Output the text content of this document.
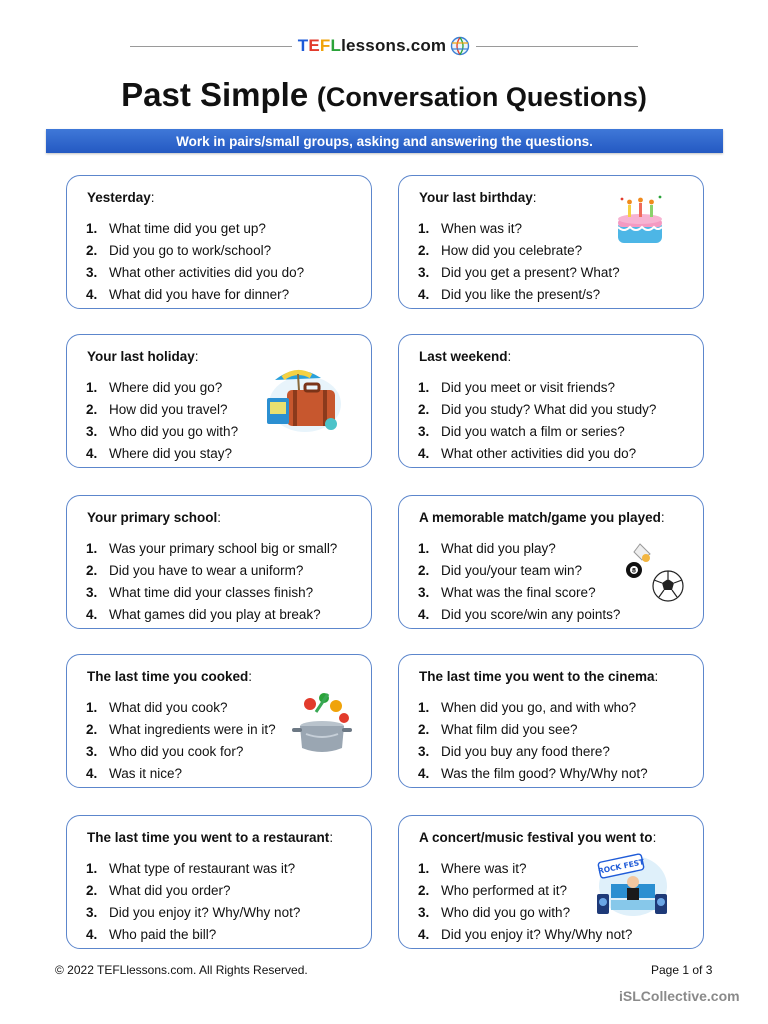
TEFLlessons.com
Past Simple (Conversation Questions)
Work in pairs/small groups, asking and answering the questions.
Yesterday:
1. What time did you get up?
2. Did you go to work/school?
3. What other activities did you do?
4. What did you have for dinner?
Your last birthday:
1. When was it?
2. How did you celebrate?
3. Did you get a present? What?
4. Did you like the present/s?
Your last holiday:
1. Where did you go?
2. How did you travel?
3. Who did you go with?
4. Where did you stay?
Last weekend:
1. Did you meet or visit friends?
2. Did you study? What did you study?
3. Did you watch a film or series?
4. What other activities did you do?
Your primary school:
1. Was your primary school big or small?
2. Did you have to wear a uniform?
3. What time did your classes finish?
4. What games did you play at break?
A memorable match/game you played:
1. What did you play?
2. Did you/your team win?
3. What was the final score?
4. Did you score/win any points?
The last time you cooked:
1. What did you cook?
2. What ingredients were in it?
3. Who did you cook for?
4. Was it nice?
The last time you went to the cinema:
1. When did you go, and with who?
2. What film did you see?
3. Did you buy any food there?
4. Was the film good? Why/Why not?
The last time you went to a restaurant:
1. What type of restaurant was it?
2. What did you order?
3. Did you enjoy it? Why/Why not?
4. Who paid the bill?
A concert/music festival you went to:
1. Where was it?
2. Who performed at it?
3. Who did you go with?
4. Did you enjoy it? Why/Why not?
8
ROCK FEST
© 2022 TEFLlessons.com. All Rights Reserved.	Page 1 of 3
iSLCollective.com
